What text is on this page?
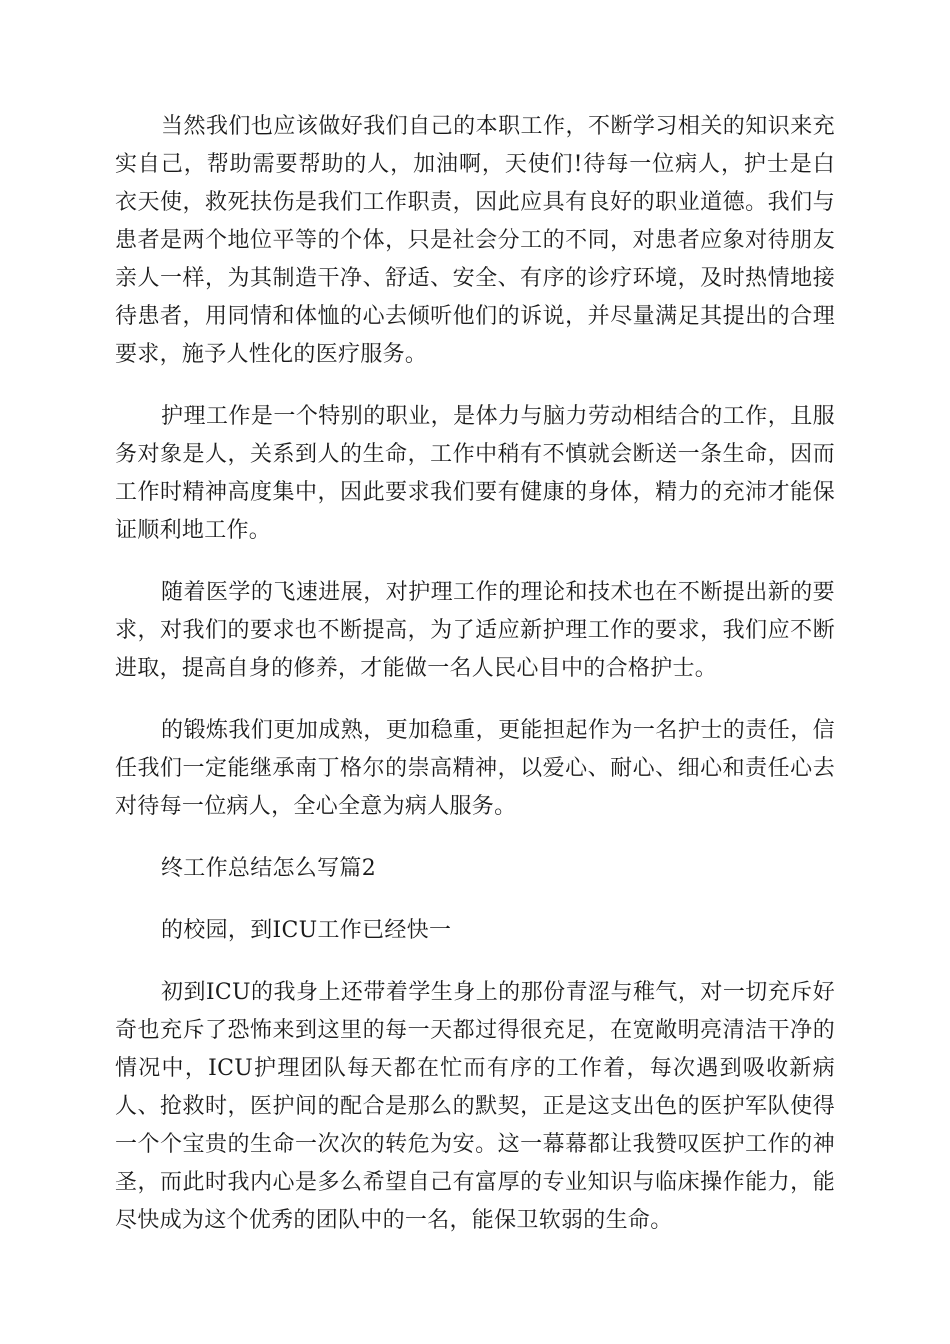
当然我们也应该做好我们自己的本职工作，不断学习相关的知识来充实自己，帮助需要帮助的人，加油啊，天使们!待每一位病人，护士是白衣天使，救死扶伤是我们工作职责，因此应具有良好的职业道德。我们与患者是两个地位平等的个体，只是社会分工的不同，对患者应象对待朋友亲人一样，为其制造干净、舒适、安全、有序的诊疗环境，及时热情地接待患者，用同情和体恤的心去倾听他们的诉说，并尽量满足其提出的合理要求，施予人性化的医疗服务。

护理工作是一个特别的职业，是体力与脑力劳动相结合的工作，且服务对象是人，关系到人的生命，工作中稍有不慎就会断送一条生命，因而工作时精神高度集中，因此要求我们要有健康的身体，精力的充沛才能保证顺利地工作。

随着医学的飞速进展，对护理工作的理论和技术也在不断提出新的要求，对我们的要求也不断提高，为了适应新护理工作的要求，我们应不断进取，提高自身的修养，才能做一名人民心目中的合格护士。

的锻炼我们更加成熟，更加稳重，更能担起作为一名护士的责任，信任我们一定能继承南丁格尔的崇高精神，以爱心、耐心、细心和责任心去对待每一位病人，全心全意为病人服务。

终工作总结怎么写篇2

的校园，到ICU工作已经快一

初到ICU的我身上还带着学生身上的那份青涩与稚气，对一切充斥好奇也充斥了恐怖来到这里的每一天都过得很充足，在宽敞明亮清洁干净的情况中，ICU护理团队每天都在忙而有序的工作着，每次遇到吸收新病人、抢救时，医护间的配合是那么的默契，正是这支出色的医护军队使得一个个宝贵的生命一次次的转危为安。这一幕幕都让我赞叹医护工作的神圣，而此时我内心是多么希望自己有富厚的专业知识与临床操作能力，能尽快成为这个优秀的团队中的一名，能保卫软弱的生命。
